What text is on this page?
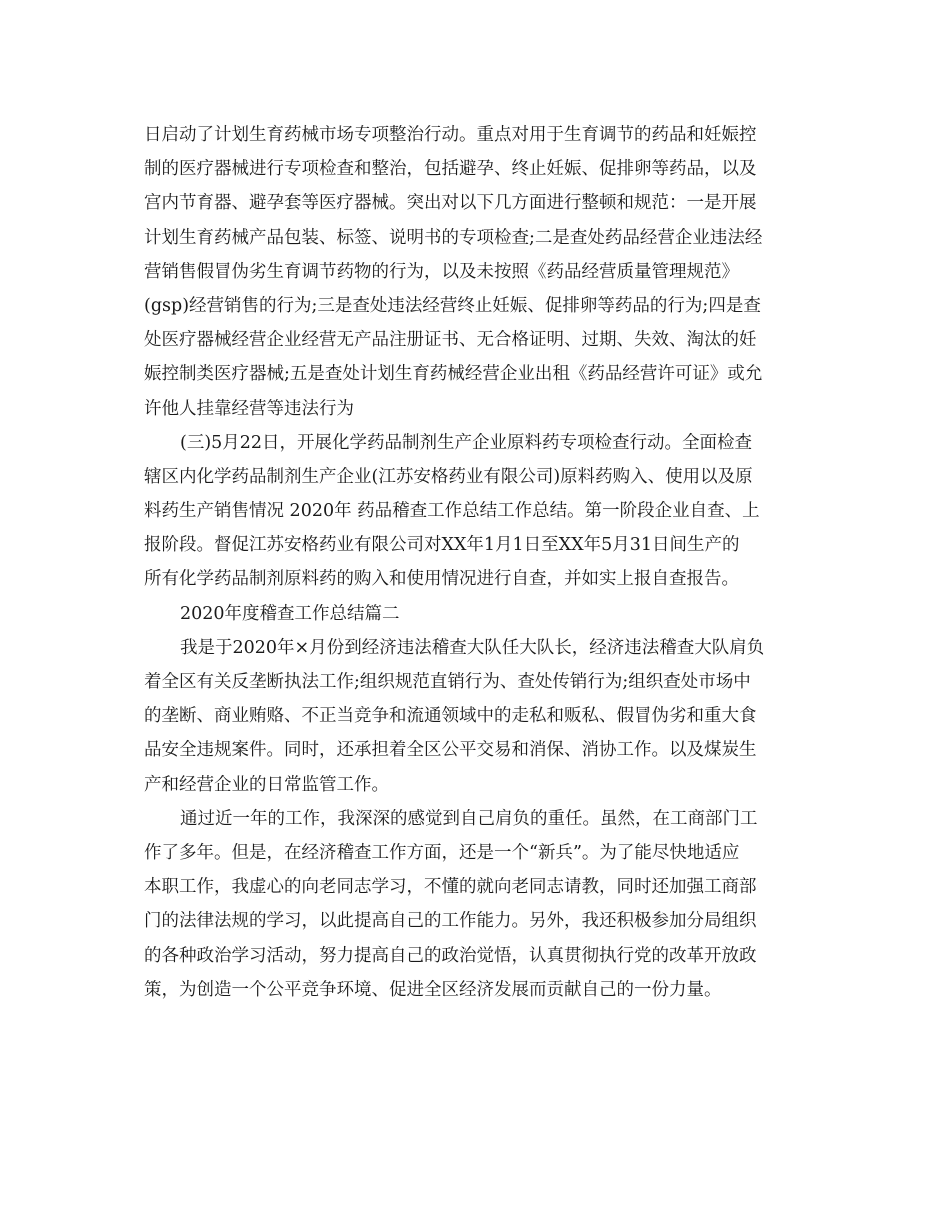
日启动了计划生育药械市场专项整治行动。重点对用于生育调节的药品和妊娠控
制的医疗器械进行专项检查和整治，包括避孕、终止妊娠、促排卵等药品，以及
宫内节育器、避孕套等医疗器械。突出对以下几方面进行整顿和规范：一是开展
计划生育药械产品包装、标签、说明书的专项检查;二是查处药品经营企业违法经
营销售假冒伪劣生育调节药物的行为，以及未按照《药品经营质量管理规范》
(gsp)经营销售的行为;三是查处违法经营终止妊娠、促排卵等药品的行为;四是查
处医疗器械经营企业经营无产品注册证书、无合格证明、过期、失效、淘汰的妊
娠控制类医疗器械;五是查处计划生育药械经营企业出租《药品经营许可证》或允
许他人挂靠经营等违法行为
(三)5月22日，开展化学药品制剂生产企业原料药专项检查行动。全面检查
辖区内化学药品制剂生产企业(江苏安格药业有限公司)原料药购入、使用以及原
料药生产销售情况 2020年 药品稽查工作总结工作总结。第一阶段企业自查、上
报阶段。督促江苏安格药业有限公司对XX年1月1日至XX年5月31日间生产的
所有化学药品制剂原料药的购入和使用情况进行自查，并如实上报自查报告。
2020年度稽查工作总结篇二
我是于2020年×月份到经济违法稽查大队任大队长，经济违法稽查大队肩负
着全区有关反垄断执法工作;组织规范直销行为、查处传销行为;组织查处市场中
的垄断、商业贿赂、不正当竞争和流通领域中的走私和贩私、假冒伪劣和重大食
品安全违规案件。同时，还承担着全区公平交易和消保、消协工作。以及煤炭生
产和经营企业的日常监管工作。
通过近一年的工作，我深深的感觉到自己肩负的重任。虽然，在工商部门工
作了多年。但是，在经济稽查工作方面，还是一个“新兵”。为了能尽快地适应
本职工作，我虚心的向老同志学习，不懂的就向老同志请教，同时还加强工商部
门的法律法规的学习，以此提高自己的工作能力。另外，我还积极参加分局组织
的各种政治学习活动，努力提高自己的政治觉悟，认真贯彻执行党的改革开放政
策，为创造一个公平竞争环境、促进全区经济发展而贡献自己的一份力量。
